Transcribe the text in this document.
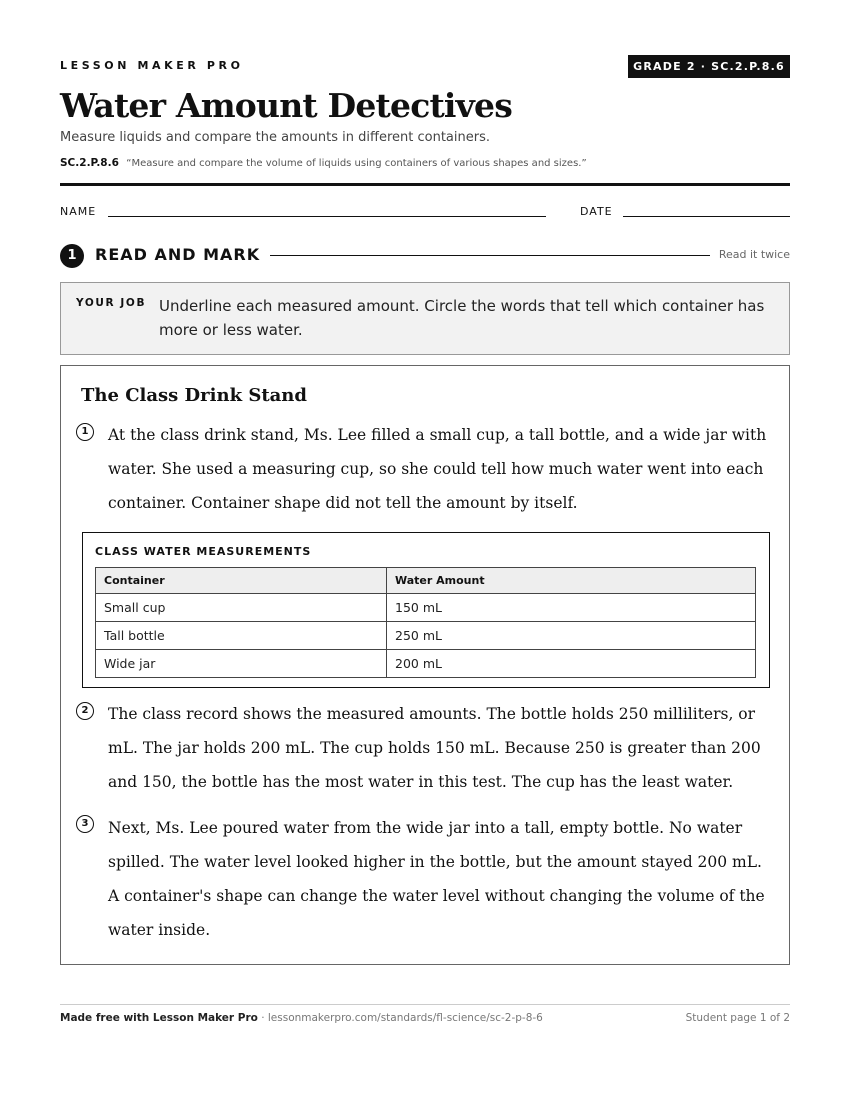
LESSON MAKER PRO	GRADE 2 · SC.2.P.8.6
Water Amount Detectives
Measure liquids and compare the amounts in different containers.
SC.2.P.8.6 “Measure and compare the volume of liquids using containers of various shapes and sizes.”
NAME	DATE
1	READ AND MARK	Read it twice
YOUR JOB Underline each measured amount. Circle the words that tell which container has more or less water.
The Class Drink Stand
1	At the class drink stand, Ms. Lee filled a small cup, a tall bottle, and a wide jar with water. She used a measuring cup, so she could tell how much water went into each container. Container shape did not tell the amount by itself.
CLASS WATER MEASUREMENTS
Container	Water Amount
Small cup	150 mL
Tall bottle	250 mL
Wide jar	200 mL
2	The class record shows the measured amounts. The bottle holds 250 milliliters, or mL. The jar holds 200 mL. The cup holds 150 mL. Because 250 is greater than 200 and 150, the bottle has the most water in this test. The cup has the least water.
3	Next, Ms. Lee poured water from the wide jar into a tall, empty bottle. No water spilled. The water level looked higher in the bottle, but the amount stayed 200 mL. A container's shape can change the water level without changing the volume of the water inside.
Made free with Lesson Maker Pro · lessonmakerpro.com/standards/fl-science/sc-2-p-8-6	Student page 1 of 2
